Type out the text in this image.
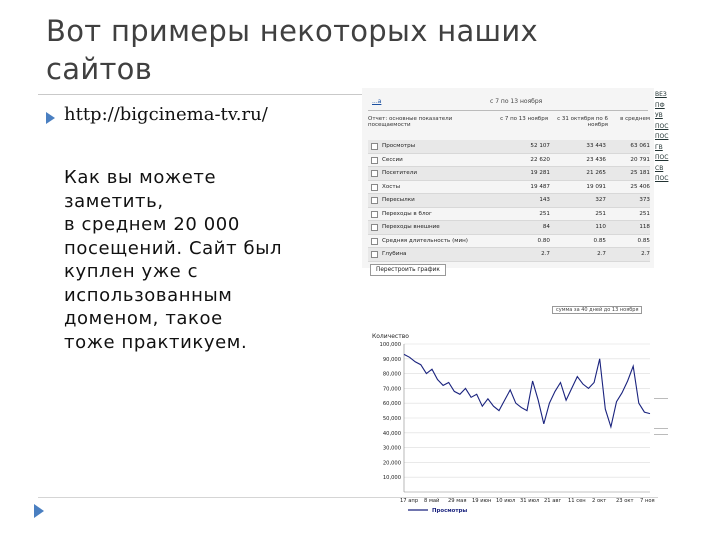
Вот примеры некоторых наших сайтов
http://bigcinema-tv.ru/
Как вы можете
заметить,
в среднем 20 000
посещений. Сайт был
куплен уже с
использованным
доменом, такое
тоже практикуем.
...а	с 7 по 13 ноября
Отчет: основные показатели посещаемости
с 7 по 13 ноября	с 31 октября по 6 ноября
в среднем
Просмотры	52 107	33 443	63 061
Сессии	22 620	23 436	20 791
Посетители	19 281	21 265	25 181
Хосты	19 487	19 091	25 406
Пересылки	143	327	373
Переходы в блог	251	251	251
Переходы внешние	84	110	118
Средняя длительность (мин)	0.80	0.85	0.85
Глубина	2.7	2.7	2.7
Перестроить график
ВЕЗ
ПФ
УВ
ПОС
ПОС
ГВ
ПОС
СВ
ПОС
сумма за 40 дней до 13 ноября
Количество
100,000
90,000
80,000
70,000
60,000
50,000
40,000
30,000
20,000
10,000
17 апр 8 май 29 мая 19 июн 10 июл 31 июл 21 авг 11 сен 2 окт 23 окт 7 ноя
Просмотры
